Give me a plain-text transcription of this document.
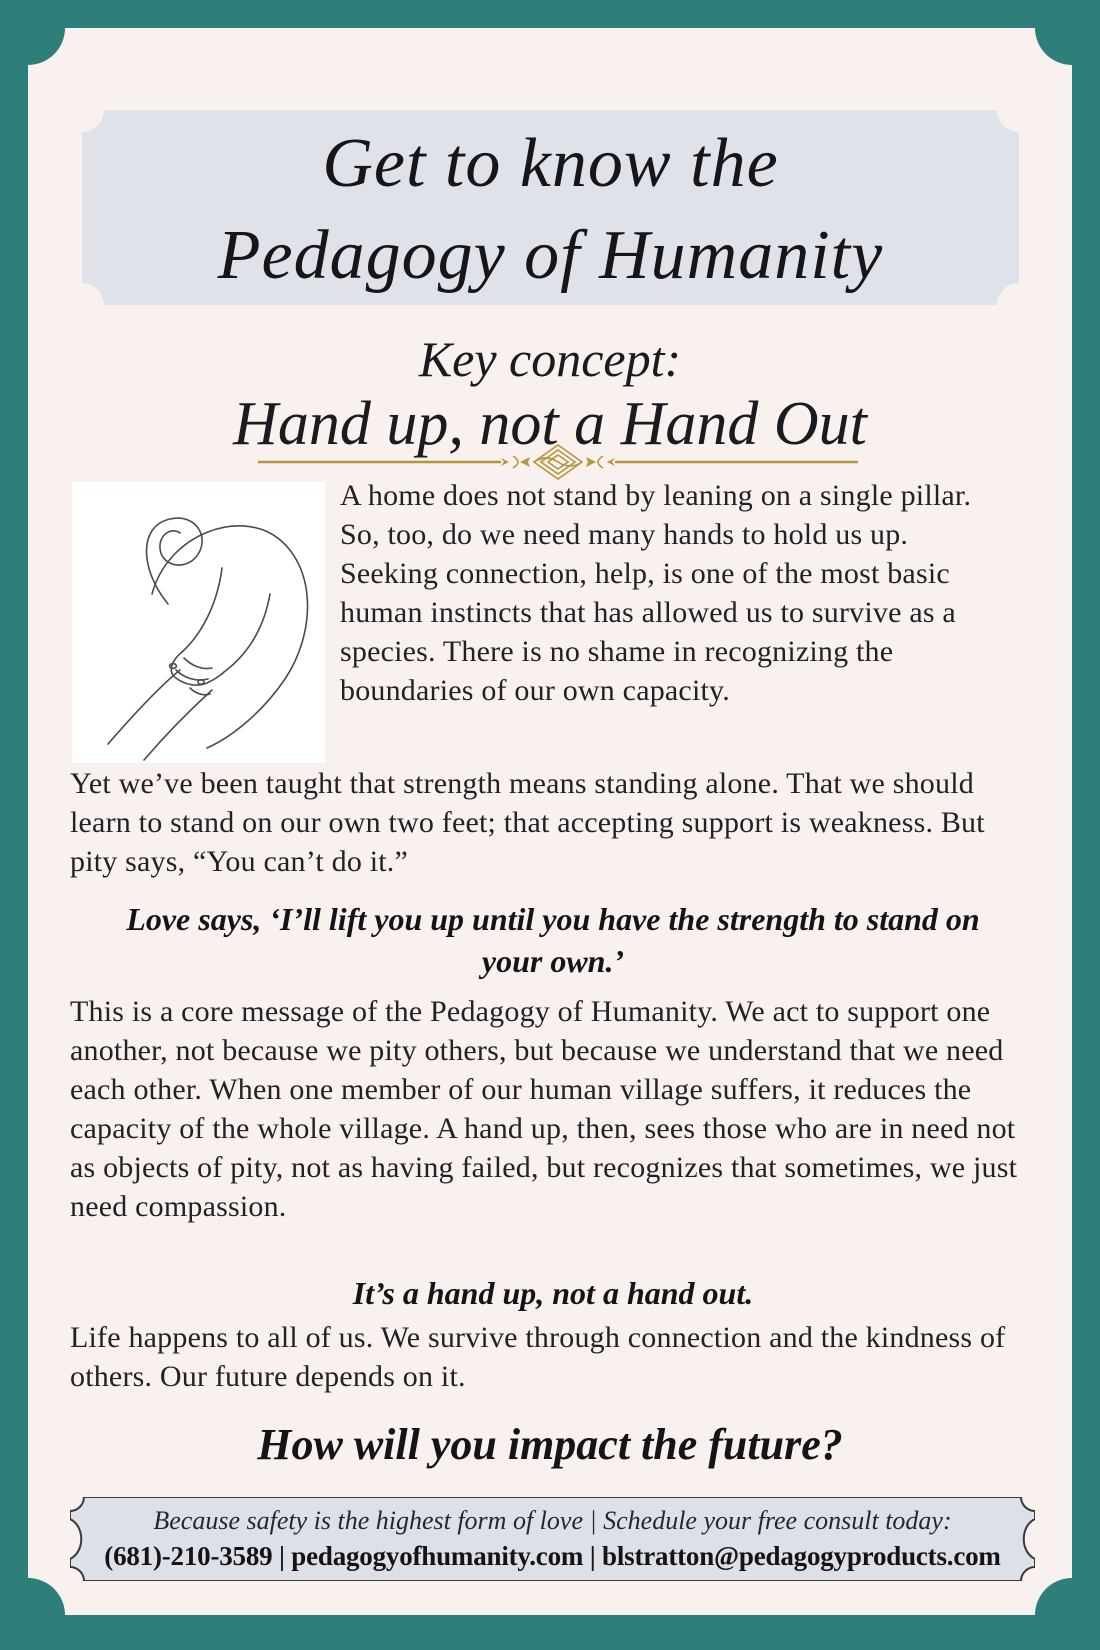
Get to know the
Pedagogy of Humanity
Key concept:
Hand up, not a Hand Out

A home does not stand by leaning on a single pillar. So, too, do we need many hands to hold us up. Seeking connection, help, is one of the most basic human instincts that has allowed us to survive as a species. There is no shame in recognizing the boundaries of our own capacity.

Yet we’ve been taught that strength means standing alone. That we should learn to stand on our own two feet; that accepting support is weakness. But pity says, “You can’t do it.”

Love says, ‘I’ll lift you up until you have the strength to stand on your own.’

This is a core message of the Pedagogy of Humanity. We act to support one another, not because we pity others, but because we understand that we need each other. When one member of our human village suffers, it reduces the capacity of the whole village. A hand up, then, sees those who are in need not as objects of pity, not as having failed, but recognizes that sometimes, we just need compassion.

It’s a hand up, not a hand out.

Life happens to all of us. We survive through connection and the kindness of others. Our future depends on it.

How will you impact the future?
Because safety is the highest form of love | Schedule your free consult today:
(681)-210-3589 | pedagogyofhumanity.com | blstratton@pedagogyproducts.com
